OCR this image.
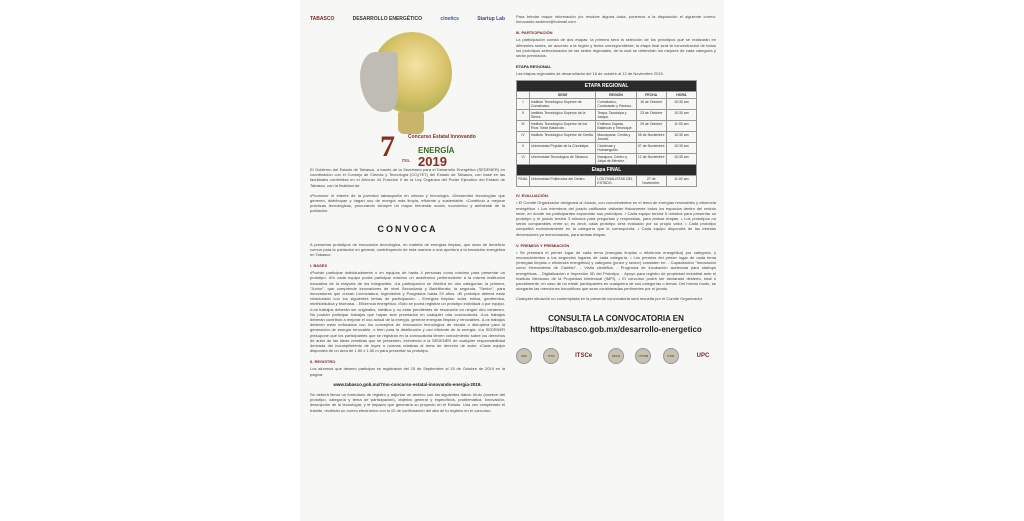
TABASCO	DESARROLLO ENERGÉTICO	cinetics	Startup Lab
7	Concurso Estatal Innovando
ENERGÍA
ma. 2019

El Gobierno del Estado de Tabasco, a través de la Secretaría para el Desarrollo Energético (SEDENER) en coordinación con el Consejo de Ciencia y Tecnología (CCyTET) del Estado de Tabasco, con base en las facultades conferidas en el Artículo 44 Fracción II de la Ley Orgánica del Poder Ejecutivo del Estado de Tabasco, con la finalidad de:

•Promover el interés de la juventud tabasqueña en ciencia y tecnología. •Desarrollar tecnologías que generen, distribuyan y hagan uso de energía más limpia, eficiente y sustentable. •Contribuir a mejorar prácticas tecnológicas, procurando siempre un mayor bienestar social, económico y ambiental de la población.

CONVOCA

A presentar prototipos de innovación tecnológica, en materia de energías limpias, que sean de beneficio común para la población en general, contribuyendo de esta manera a una apertura a la transición energética en Tabasco.

I. BASES

•Podrán participar individualmente o en equipos de hasta 4 personas como máximo para presentar un prototipo. •En cada equipo podrá participar máximo un académico perteneciente a la misma institución educativa de la mayoría de los integrantes. •La participación se dividirá en dos categorías: la primera, "Junior", que comprende innovadores de nivel Secundaria y Bachillerato; la segunda, "Senior", para innovadores que cursan Licenciatura, Ingenierías y Posgrados hasta 29 años. •El prototipo deberá estar relacionado con los siguientes temas de participación: - Energías limpias: solar, eólica, geotérmica, minihidráulica y biomasa. - Eficiencia energética. •Sólo se podrá registrar un prototipo individual o por equipo. •Los trabajos deberán ser originales, inéditos y no estar pendientes de resolución en ningún otro certamen. No podrán participar trabajos que hayan sido premiados en cualquier otra convocatoria. •Los trabajos deberán contribuir a mejorar el uso actual de la energía, generar energías limpias y renovables. •Los trabajos deberán estar enfocados con los conceptos de innovación tecnológica de escala o disruptiva para la generación de energía renovable, o bien para la distribución y uso eficiente de la energía. •La SEDENER presupone que los participantes que se registran en la convocatoria tienen conocimiento sobre los derechos de autor de las ideas creativas que se presenten, eximiendo a la SEDENER de cualquier responsabilidad derivada del incumplimiento de leyes o normas relativas al tema de derecho de autor. •Cada equipo dispondrá de un área de 1.50 x 1.50 m para presentar su prototipo.

II. REGISTRO

Los alumnos que deseen participar se registrarán del 15 de Septiembre al 15 de Octubre de 2019 en la página:

www.tabasco.gob.mx/7mo-concurso-estatal-innovando-energia-2019.

Se deberá llenar un formulario de registro y adjuntar un archivo con los siguientes datos: título (nombre del prototipo, categoría y tema de participación), objetivo general y específicos, problemática, innovación, descripción de la tecnología, y el impacto que generaría su proyecto en el Estado. Una vez completado el trámite, recibirán un correo electrónico con tu ID de confirmación del alta de tu registro en el concurso.

Para brindar mayor información y/o resolver alguna duda, ponemos a la disposición el siguiente correo: innovando.sedener@hotmail.com.

III. PARTICIPACIÓN

La participación consta de dos etapas: la primera será la selección de los prototipos que se realizarán en diferentes sedes, de acuerdo a la región y fecha correspondiente; la etapa final será la concentración de todos los prototipos seleccionados de las sedes regionales, de la cual se obtendrán los mejores de cada categoría y serán premiados.

ETAPA REGIONAL

Las etapas regionales se desarrollarán del 16 de octubre al 12 de Noviembre 2019.

ETAPA REGIONAL				
	SEDE	REGIÓN	FECHA	HORA
I	Instituto Tecnológico Superior de Comalcalco.	Comalcalco, Cunduacán y Paraíso.	16 de Octubre	10:30 am
II	Instituto Tecnológico Superior de la Sierra.	Teapa, Tacotalpa y Jalapa.	23 de Octubre	10:30 am
III	Instituto Tecnológico Superior de los Ríos. Sede Balancán.	Emiliano Zapata, Balancán y Tenosique.	29 de Octubre	11:00 am
IV	Instituto Tecnológico Superior de Centla.	Macuspana, Centla y Jonuta.	05 de Noviembre	10:30 am
V	Universidad Popular de la Chontalpa.	Cárdenas y Huimanguillo.	07 de Noviembre	10:30 am
VI	Universidad Tecnológica de Tabasco.	Nacajuca, Centro y Jalpa de Méndez.	12 de Noviembre	10:30 am
Etapa FINAL				
FINAL	Universidad Politécnica del Centro.	LOS FINALISTAS DEL ESTADO.	27 de Noviembre.	11:00 am
IV. EVALUACIÓN.

• El Comité Organizador designará al Jurado, con conocimientos en el tema de energías renovables y eficiencia energética. • Los miembros del jurado calificador visitarán físicamente todos los espacios dentro del recinto sede, en donde los participantes expondrán sus prototipos. • Cada equipo tendrá 5 minutos para presentar su prototipo y el jurado tendrá 3 minutos para preguntas y respuestas, para ambas etapas. • Los prototipos no serán comparables entre sí; es decir, cada prototipo será evaluado por su propio valor. • Cada prototipo competirá exclusivamente en la categoría que le corresponda. • Cada equipo dispondrá de las mismas dimensiones ya mencionadas, para ambas etapas.

V. PREMIOS Y PREMIACIÓN

• Se premiará el primer lugar de cada tema (energías limpias o eficiencia energética) por categoría, y reconocimientos a los segundos lugares de cada categoría. • Los premios del primer lugar de cada tema (energías limpias o eficiencia energética) y categoría (junior y senior) consisten en: - Capacitación "Innovación como Herramienta de Cambio". - Visita científica. - Programa de incubación acelerada para startups energéticas. - Digitalización e Impresión 3D del Prototipo. - Apoyo para registro de propiedad industrial ante el Instituto Mexicano de la Propiedad Intelectual (IMPI). • El concurso podrá ser declarado desierto, total o parcialmente, en caso de no existir participantes en cualquiera de sus categorías o temas. Del mismo modo, se otorgarán las menciones honoríficas que sean consideradas pertinentes por el jurado.

Cualquier situación no contemplada en la presente convocatoria será resuelta por el Comité Organizador.

CONSULTA LA CONVOCATORIA EN
https://tabasco.gob.mx/desarrollo-energetico
UPC	ITSC	ITSCe	UPCH	UTTAB	ITSR	UPC
